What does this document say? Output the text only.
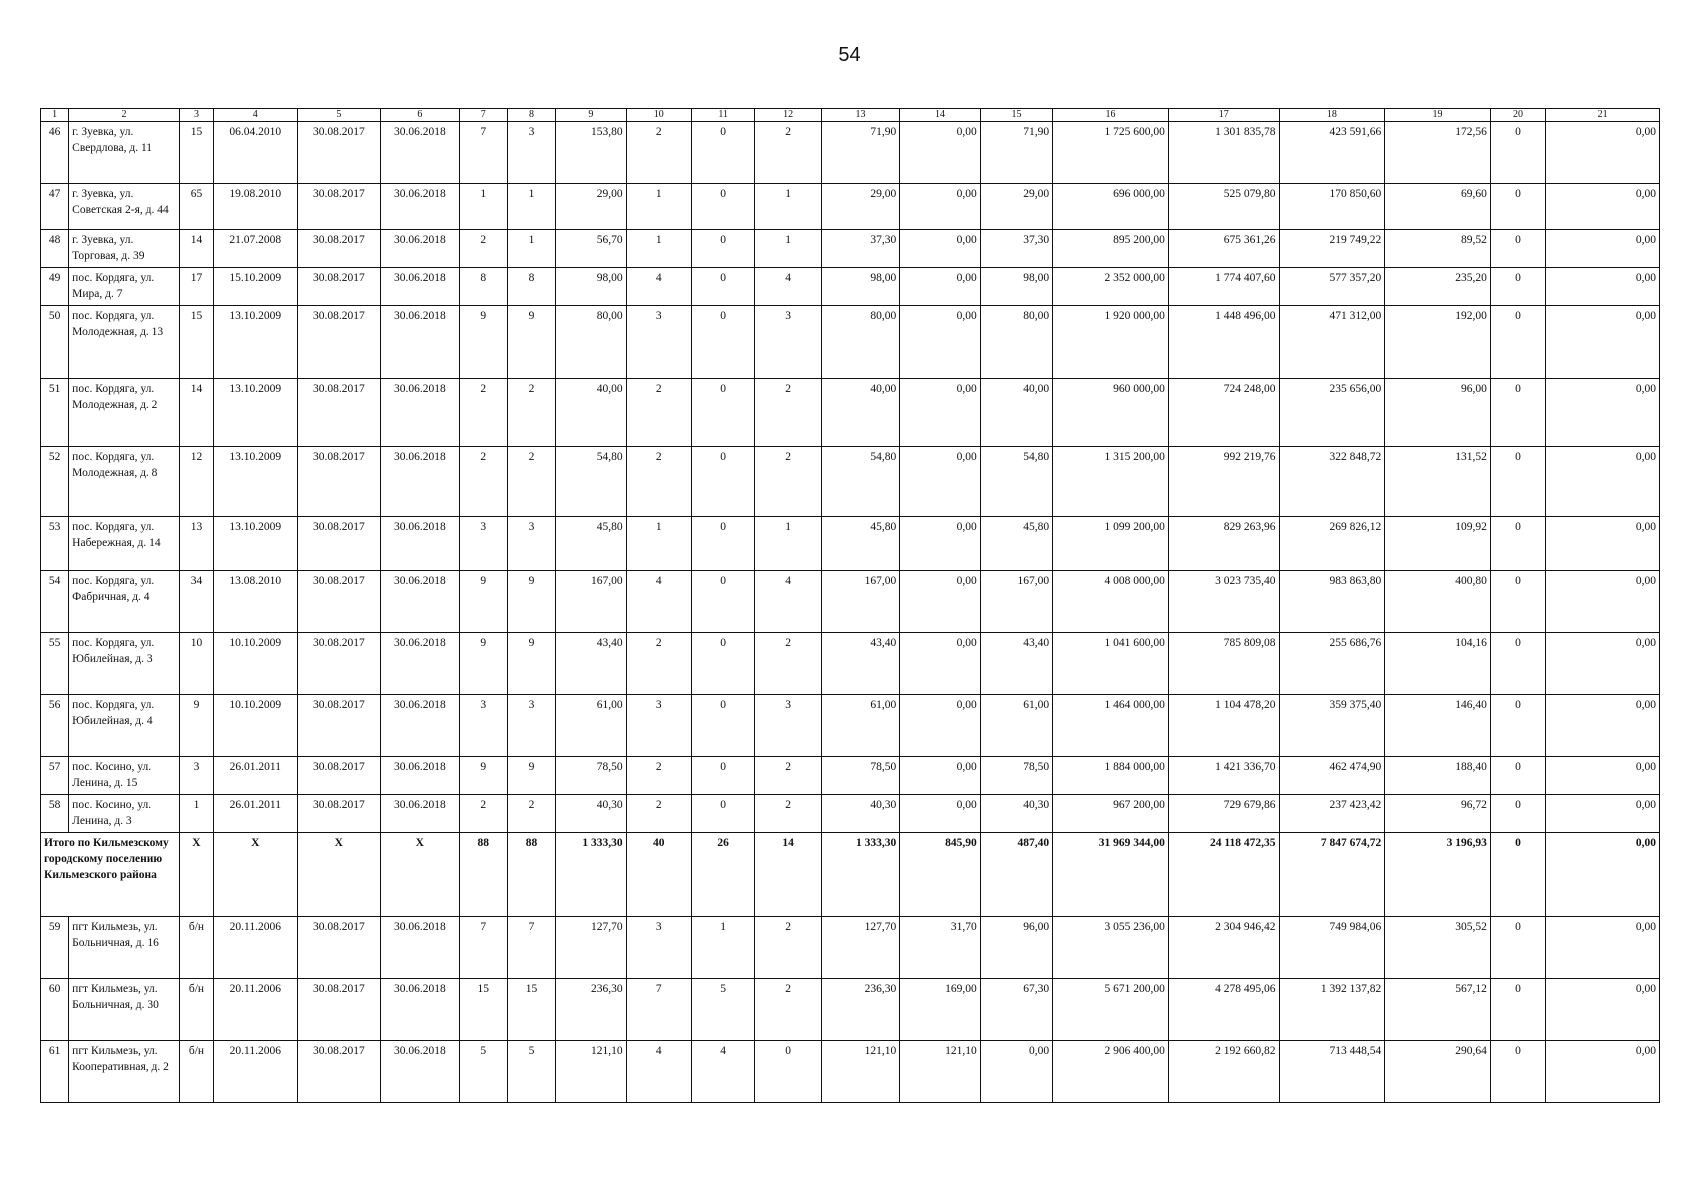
54
1	2	3	4	5	6	7	8	9	10	11	12	13	14	15	16	17	18	19	20	21
46	г. Зуевка, ул. Свердлова, д. 11	15	06.04.2010	30.08.2017	30.06.2018	7	3	153,80	2	0	2	71,90	0,00	71,90	1 725 600,00	1 301 835,78	423 591,66	172,56	0	0,00
47	г. Зуевка, ул. Советская 2-я, д. 44	65	19.08.2010	30.08.2017	30.06.2018	1	1	29,00	1	0	1	29,00	0,00	29,00	696 000,00	525 079,80	170 850,60	69,60	0	0,00
48	г. Зуевка, ул. Торговая, д. 39	14	21.07.2008	30.08.2017	30.06.2018	2	1	56,70	1	0	1	37,30	0,00	37,30	895 200,00	675 361,26	219 749,22	89,52	0	0,00
49	пос. Кордяга, ул. Мира, д. 7	17	15.10.2009	30.08.2017	30.06.2018	8	8	98,00	4	0	4	98,00	0,00	98,00	2 352 000,00	1 774 407,60	577 357,20	235,20	0	0,00
50	пос. Кордяга, ул. Молодежная, д. 13	15	13.10.2009	30.08.2017	30.06.2018	9	9	80,00	3	0	3	80,00	0,00	80,00	1 920 000,00	1 448 496,00	471 312,00	192,00	0	0,00
51	пос. Кордяга, ул. Молодежная, д. 2	14	13.10.2009	30.08.2017	30.06.2018	2	2	40,00	2	0	2	40,00	0,00	40,00	960 000,00	724 248,00	235 656,00	96,00	0	0,00
52	пос. Кордяга, ул. Молодежная, д. 8	12	13.10.2009	30.08.2017	30.06.2018	2	2	54,80	2	0	2	54,80	0,00	54,80	1 315 200,00	992 219,76	322 848,72	131,52	0	0,00
53	пос. Кордяга, ул. Набережная, д. 14	13	13.10.2009	30.08.2017	30.06.2018	3	3	45,80	1	0	1	45,80	0,00	45,80	1 099 200,00	829 263,96	269 826,12	109,92	0	0,00
54	пос. Кордяга, ул. Фабричная, д. 4	34	13.08.2010	30.08.2017	30.06.2018	9	9	167,00	4	0	4	167,00	0,00	167,00	4 008 000,00	3 023 735,40	983 863,80	400,80	0	0,00
55	пос. Кордяга, ул. Юбилейная, д. 3	10	10.10.2009	30.08.2017	30.06.2018	9	9	43,40	2	0	2	43,40	0,00	43,40	1 041 600,00	785 809,08	255 686,76	104,16	0	0,00
56	пос. Кордяга, ул. Юбилейная, д. 4	9	10.10.2009	30.08.2017	30.06.2018	3	3	61,00	3	0	3	61,00	0,00	61,00	1 464 000,00	1 104 478,20	359 375,40	146,40	0	0,00
57	пос. Косино, ул. Ленина, д. 15	3	26.01.2011	30.08.2017	30.06.2018	9	9	78,50	2	0	2	78,50	0,00	78,50	1 884 000,00	1 421 336,70	462 474,90	188,40	0	0,00
58	пос. Косино, ул. Ленина, д. 3	1	26.01.2011	30.08.2017	30.06.2018	2	2	40,30	2	0	2	40,30	0,00	40,30	967 200,00	729 679,86	237 423,42	96,72	0	0,00
Итого по Кильмезскому городскому поселению Кильмезского района		X	X	X	X	88	88	1 333,30	40	26	14	1 333,30	845,90	487,40	31 969 344,00	24 118 472,35	7 847 674,72	3 196,93	0	0,00
59	пгт Кильмезь, ул. Больничная, д. 16	б/н	20.11.2006	30.08.2017	30.06.2018	7	7	127,70	3	1	2	127,70	31,70	96,00	3 055 236,00	2 304 946,42	749 984,06	305,52	0	0,00
60	пгт Кильмезь, ул. Больничная, д. 30	б/н	20.11.2006	30.08.2017	30.06.2018	15	15	236,30	7	5	2	236,30	169,00	67,30	5 671 200,00	4 278 495,06	1 392 137,82	567,12	0	0,00
61	пгт Кильмезь, ул. Кооперативная, д. 2	б/н	20.11.2006	30.08.2017	30.06.2018	5	5	121,10	4	4	0	121,10	121,10	0,00	2 906 400,00	2 192 660,82	713 448,54	290,64	0	0,00
